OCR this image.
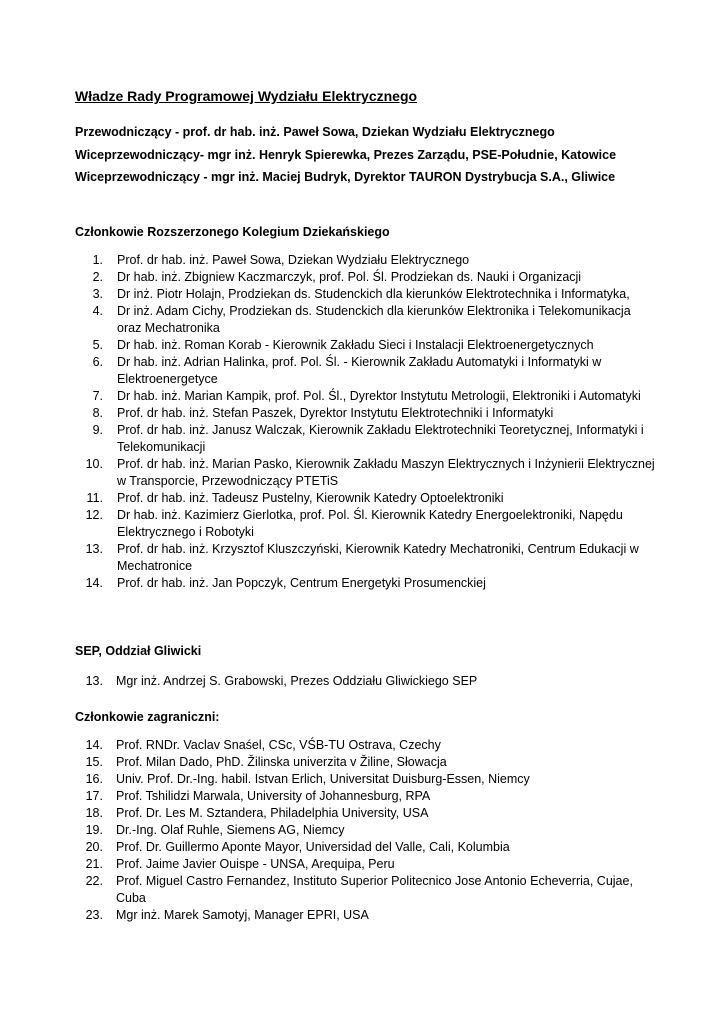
Władze Rady Programowej Wydziału Elektrycznego
Przewodniczący - prof. dr hab. inż. Paweł Sowa, Dziekan Wydziału Elektrycznego
Wiceprzewodniczący- mgr inż. Henryk Spierewka, Prezes Zarządu, PSE-Południe, Katowice
Wiceprzewodniczący - mgr inż. Maciej Budryk, Dyrektor TAURON Dystrybucja S.A., Gliwice
Członkowie Rozszerzonego Kolegium Dziekańskiego
1. Prof. dr hab. inż. Paweł Sowa, Dziekan Wydziału Elektrycznego
2. Dr hab. inż. Zbigniew Kaczmarczyk, prof. Pol. Śl. Prodziekan ds. Nauki i Organizacji
3. Dr inż. Piotr Holajn, Prodziekan ds. Studenckich dla kierunków Elektrotechnika i Informatyka,
4. Dr inż. Adam Cichy, Prodziekan ds. Studenckich dla kierunków Elektronika i Telekomunikacja oraz Mechatronika
5. Dr hab. inż. Roman Korab - Kierownik Zakładu Sieci i Instalacji Elektroenergetycznych
6. Dr hab. inż. Adrian Halinka, prof. Pol. Śl. - Kierownik Zakładu Automatyki i Informatyki w Elektroenergetyce
7. Dr hab. inż. Marian Kampik, prof. Pol. Śl., Dyrektor Instytutu Metrologii, Elektroniki i Automatyki
8. Prof. dr hab. inż. Stefan Paszek, Dyrektor Instytutu Elektrotechniki i Informatyki
9. Prof. dr hab. inż. Janusz Walczak, Kierownik Zakładu Elektrotechniki Teoretycznej, Informatyki i Telekomunikacji
10. Prof. dr hab. inż. Marian Pasko, Kierownik Zakładu Maszyn Elektrycznych i Inżynierii Elektrycznej w Transporcie, Przewodniczący PTETiS
11. Prof. dr hab. inż. Tadeusz Pustelny, Kierownik Katedry Optoelektroniki
12. Dr hab. inż. Kazimierz Gierlotka, prof. Pol. Śl. Kierownik Katedry Energoelektroniki, Napędu Elektrycznego i Robotyki
13. Prof. dr hab. inż. Krzysztof Kluszczyński, Kierownik Katedry Mechatroniki, Centrum Edukacji w Mechatronice
14. Prof. dr hab. inż. Jan Popczyk, Centrum Energetyki Prosumenckiej
SEP, Oddział Gliwicki
13. Mgr inż. Andrzej S. Grabowski, Prezes Oddziału Gliwickiego SEP
Członkowie zagraniczni:
14. Prof. RNDr. Vaclav Snaśel, CSc, VŚB-TU Ostrava, Czechy
15. Prof. Milan Dado, PhD. Žilinska univerzita v Žiline, Słowacja
16. Univ. Prof. Dr.-Ing. habil. Istvan Erlich, Universitat Duisburg-Essen, Niemcy
17. Prof. Tshilidzi Marwala, University of Johannesburg, RPA
18. Prof. Dr. Les M. Sztandera, Philadelphia University, USA
19. Dr.-Ing. Olaf Ruhle, Siemens AG, Niemcy
20. Prof. Dr. Guillermo Aponte Mayor, Universidad del Valle, Cali, Kolumbia
21. Prof. Jaime Javier Ouispe - UNSA, Arequipa, Peru
22. Prof. Miguel Castro Fernandez, Instituto Superior Politecnico Jose Antonio Echeverria, Cujae, Cuba
23. Mgr inż. Marek Samotyj, Manager EPRI, USA
